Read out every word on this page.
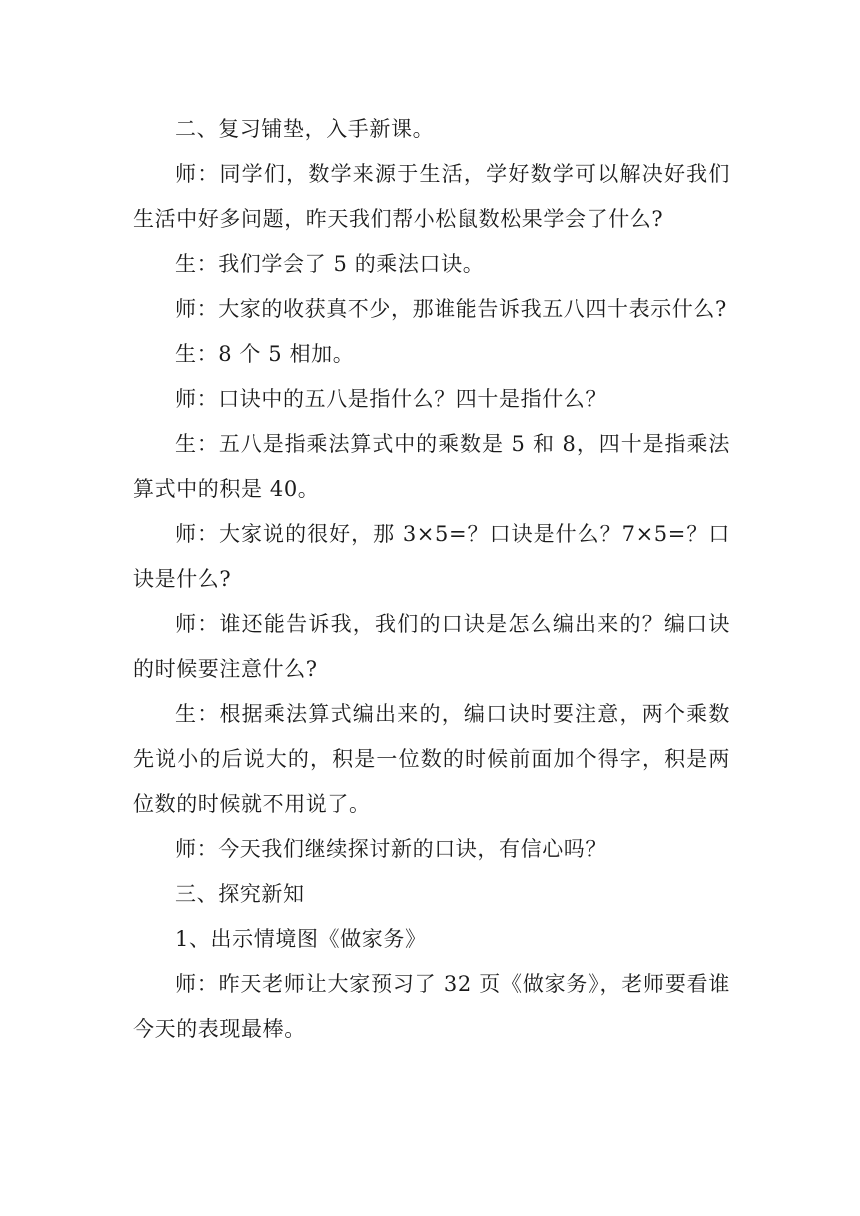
二、复习铺垫，入手新课。

师：同学们，数学来源于生活，学好数学可以解决好我们生活中好多问题，昨天我们帮小松鼠数松果学会了什么?

生：我们学会了 5 的乘法口诀。

师：大家的收获真不少，那谁能告诉我五八四十表示什么?

生：8 个 5 相加。

师：口诀中的五八是指什么？四十是指什么？

生：五八是指乘法算式中的乘数是 5 和 8，四十是指乘法算式中的积是 40。

师：大家说的很好，那 3×5=？口诀是什么？7×5=？口诀是什么?

师：谁还能告诉我，我们的口诀是怎么编出来的？编口诀的时候要注意什么?

生：根据乘法算式编出来的，编口诀时要注意，两个乘数先说小的后说大的，积是一位数的时候前面加个得字，积是两位数的时候就不用说了。

师：今天我们继续探讨新的口诀，有信心吗？

三、探究新知

1、出示情境图《做家务》

师：昨天老师让大家预习了 32 页《做家务》，老师要看谁今天的表现最棒。
